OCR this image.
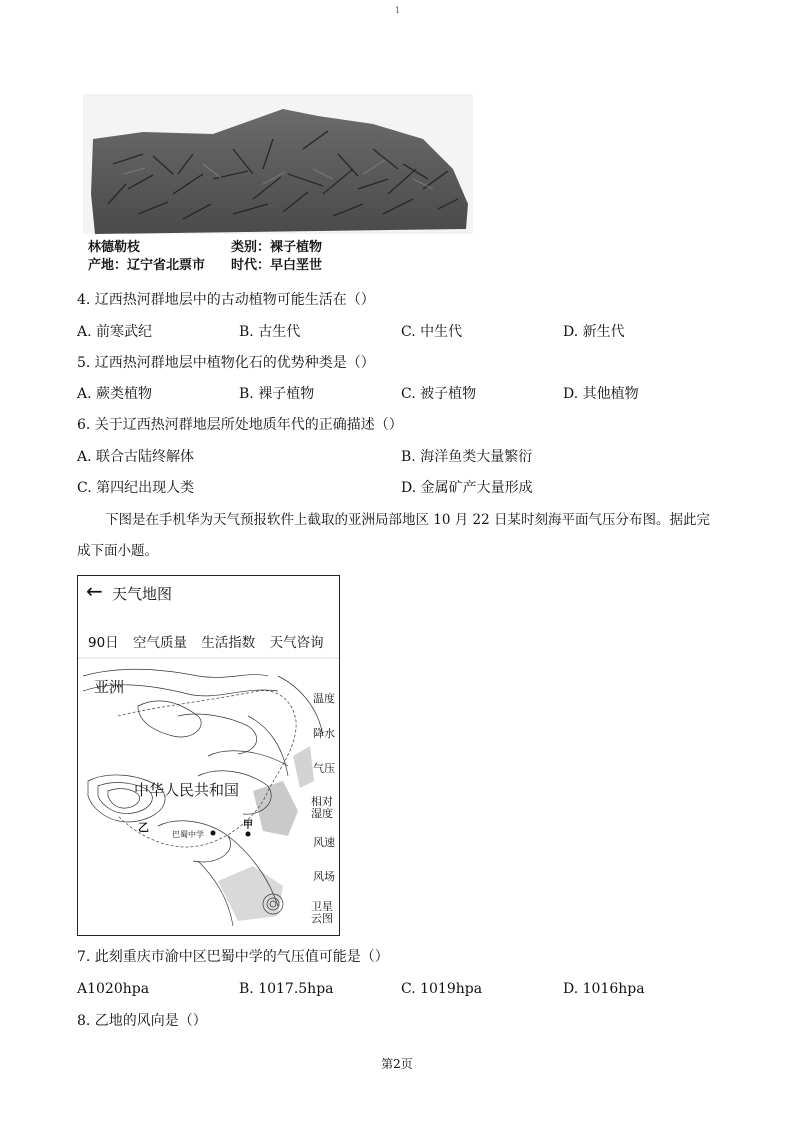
1
林德勒枝	类别：裸子植物
产地：辽宁省北票市 时代：早白垩世
4. 辽西热河群地层中的古动植物可能生活在（）
A. 前寒武纪	B. 古生代	C. 中生代	D. 新生代
5. 辽西热河群地层中植物化石的优势种类是（）
A. 蕨类植物	B. 裸子植物	C. 被子植物	D. 其他植物
6. 关于辽西热河群地层所处地质年代的正确描述（）
A. 联合古陆终解体	B. 海洋鱼类大量繁衍
C. 第四纪出现人类	D. 金属矿产大量形成
下图是在手机华为天气预报软件上截取的亚洲局部地区 10 月 22 日某时刻海平面气压分布图。据此完
成下面小题。
← 天气地图
90日 空气质量 生活指数 天气咨询
亚洲
中华人民共和国
乙
巴蜀中学
甲
温度
降水
气压
相对湿度
风速
风场
卫星云图
7. 此刻重庆市渝中区巴蜀中学的气压值可能是（）
A1020hpa	B. 1017.5hpa	C. 1019hpa	D. 1016hpa
8. 乙地的风向是（）
第2页
